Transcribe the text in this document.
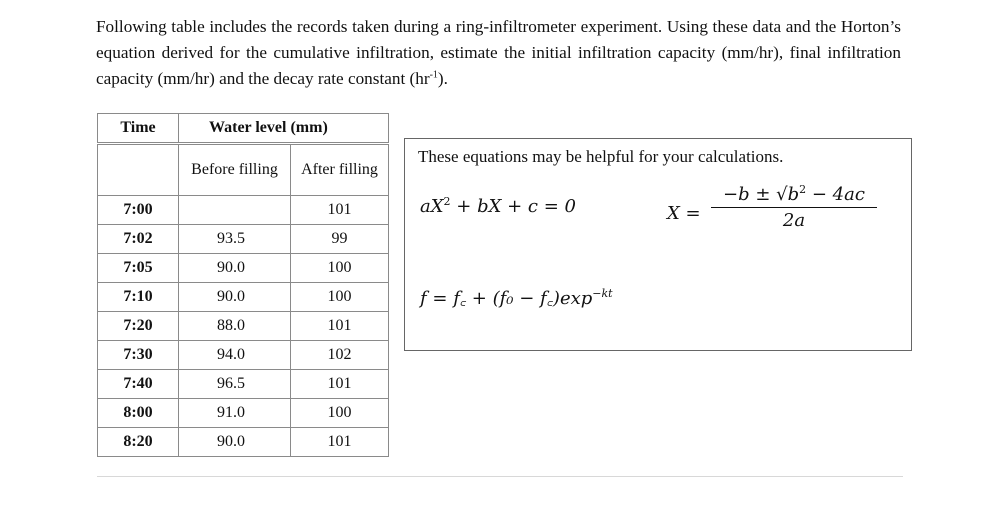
Following table includes the records taken during a ring-infiltrometer experiment. Using these data and the Horton’s equation derived for the cumulative infiltration, estimate the initial infiltration capacity (mm/hr), final infiltration capacity (mm/hr) and the decay rate constant $(hr^{-1})$.
Time	Water level (mm)	
	Before filling	After filling
7:00		101
7:02	93.5	99
7:05	90.0	100
7:10	90.0	100
7:20	88.0	101
7:30	94.0	102
7:40	96.5	101
8:00	91.0	100
8:20	90.0	101
These equations may be helpful for your calculations.
$aX^2$ + bX + c = 0	$X = \frac{-b \pm √b^2 - 4ac}{2a}$
f = f꜀ + $(f_0 - f꜀)\exp^{-kt}$
